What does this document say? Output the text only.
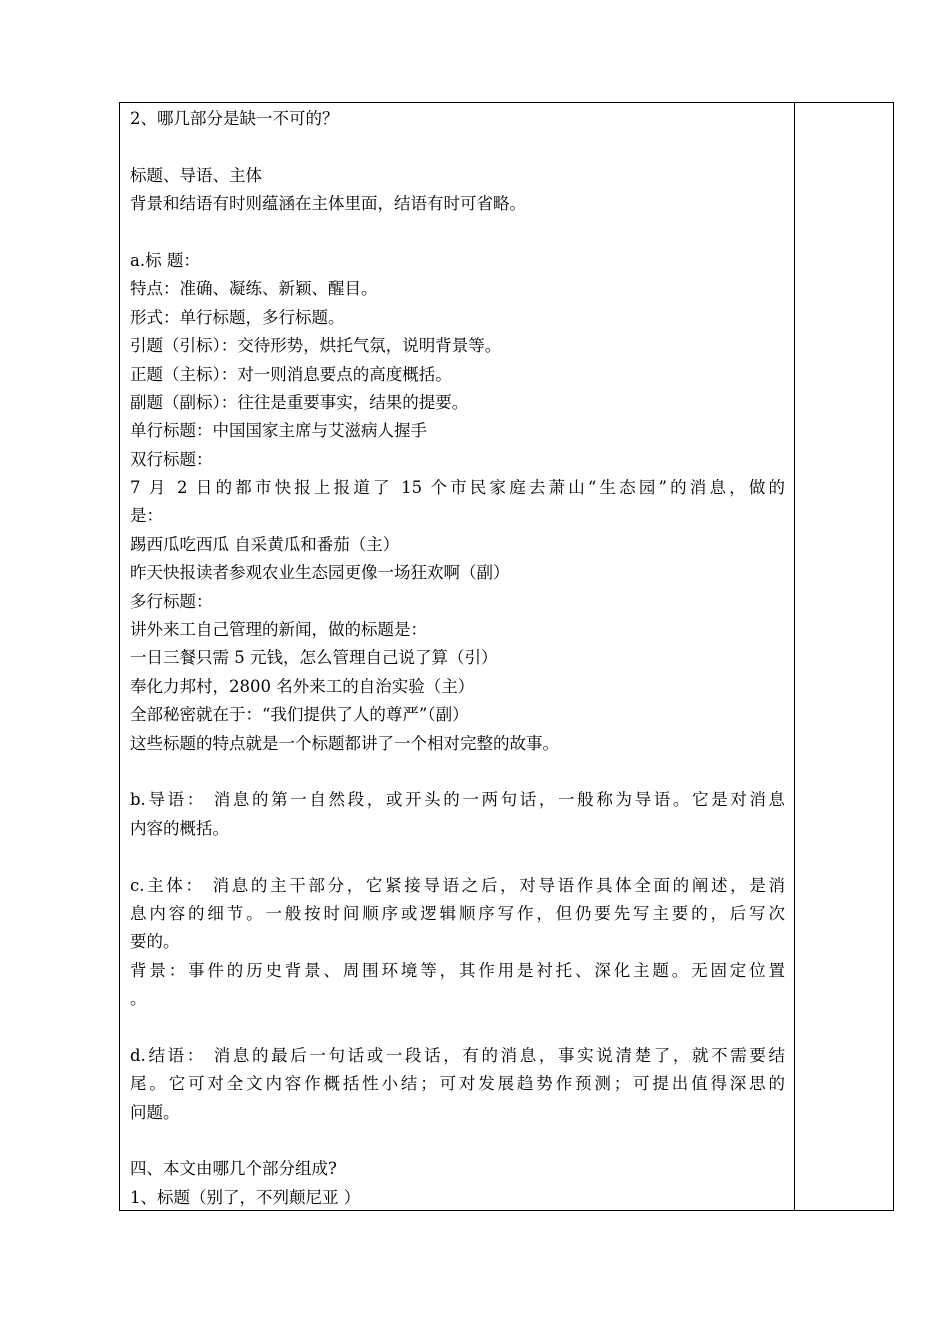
2、哪几部分是缺一不可的？
标题、导语、主体
背景和结语有时则蕴涵在主体里面，结语有时可省略。
a.标 题：
特点：准确、凝练、新颖、醒目。
形式：单行标题，多行标题。
引题（引标）：交待形势，烘托气氛，说明背景等。
正题（主标）：对一则消息要点的高度概括。
副题（副标）：往往是重要事实，结果的提要。
单行标题：中国国家主席与艾滋病人握手
双行标题：
7 月 2 日的都市快报上报道了 15 个市民家庭去萧山“生态园”的消息，做的
是：
踢西瓜吃西瓜 自采黄瓜和番茄（主）
昨天快报读者参观农业生态园更像一场狂欢啊（副）
多行标题：
讲外来工自己管理的新闻，做的标题是：
一日三餐只需 5 元钱，怎么管理自己说了算（引）
奉化力邦村，2800 名外来工的自治实验（主）
全部秘密就在于：“我们提供了人的尊严”（副）
这些标题的特点就是一个标题都讲了一个相对完整的故事。
b.导语： 消息的第一自然段，或开头的一两句话，一般称为导语。它是对消息
内容的概括。
c.主体： 消息的主干部分，它紧接导语之后，对导语作具体全面的阐述，是消
息内容的细节。一般按时间顺序或逻辑顺序写作，但仍要先写主要的，后写次
要的。
背景：事件的历史背景、周围环境等，其作用是衬托、深化主题。无固定位置
。
d.结语： 消息的最后一句话或一段话，有的消息，事实说清楚了，就不需要结
尾。它可对全文内容作概括性小结；可对发展趋势作预测；可提出值得深思的
问题。
四、本文由哪几个部分组成?
1、标题（别了，不列颠尼亚 ）
